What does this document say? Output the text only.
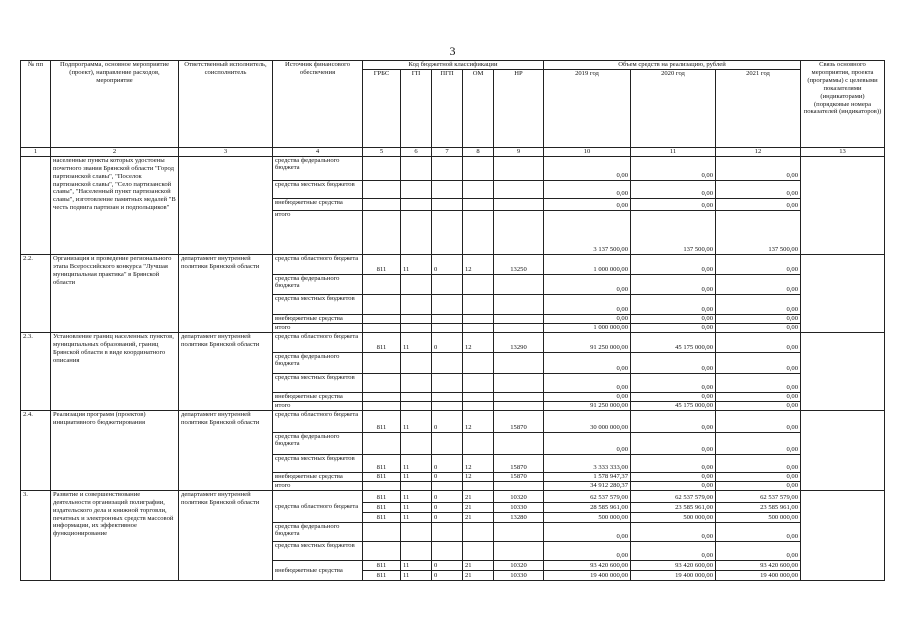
3
№ пп	Подпрограмма, основное мероприятие (проект), направление расходов, мероприятие	Ответственный исполнитель, соисполнитель	Источник финансового обеспечения	Код бюджетной классификации					Объем средств на реализацию, рублей			Связь основного мероприятия, проекта (программы) с целевыми показателями (индикаторами) (порядковые номера показателей (индикаторов))
				ГРБС	ГП	ПГП	ОМ	НР	2019 год	2020 год	2021 год	
1	2	3	4	5	6	7	8	9	10	11	12	13
	населенные пункты которых удостоены почетного звания Брянской области "Город партизанской славы", "Поселок партизанской славы", "Село партизанской славы", "Населенный пункт партизанской славы", изготовление памятных медалей "В честь подвига партизан и подпольщиков"		средства федерального бюджета						0,00	0,00	0,00	
			средства местных бюджетов						0,00	0,00	0,00	
			внебюджетные средства						0,00	0,00	0,00	
			итого						3 137 500,00	137 500,00	137 500,00	
2.2.	Организация и проведение регионального этапа Всероссийского конкурса "Лучшая муниципальная практика" в Брянской области	департамент внутренней политики Брянской области	средства областного бюджета	811	11	0	12	13250	1 000 000,00	0,00	0,00	
			средства федерального бюджета						0,00	0,00	0,00	
			средства местных бюджетов						0,00	0,00	0,00	
			внебюджетные средства						0,00	0,00	0,00	
			итого						1 000 000,00	0,00	0,00	
2.3.	Установление границ населенных пунктов, муниципальных образований, границ Брянской области в виде координатного описания	департамент внутренней политики Брянской области	средства областного бюджета	811	11	0	12	13290	91 250 000,00	45 175 000,00	0,00	
			средства федерального бюджета						0,00	0,00	0,00	
			средства местных бюджетов						0,00	0,00	0,00	
			внебюджетные средства						0,00	0,00	0,00	
			итого						91 250 000,00	45 175 000,00	0,00	
2.4.	Реализация программ (проектов) инициативного бюджетирования	департамент внутренней политики Брянской области	средства областного бюджета	811	11	0	12	15870	30 000 000,00	0,00	0,00	
			средства федерального бюджета						0,00	0,00	0,00	
			средства местных бюджетов	811	11	0	12	15870	3 333 333,00	0,00	0,00	
			внебюджетные средства	811	11	0	12	15870	1 578 947,37	0,00	0,00	
			итого						34 912 280,37	0,00	0,00	
3.	Развитие и совершенствование деятельности организаций полиграфии, издательского дела и книжной торговли, печатных и электронных средств массовой информации, их эффективное функционирование	департамент внутренней политики Брянской области	средства областного бюджета	811	11	0	21	10320	62 537 579,00	62 537 579,00	62 537 579,00	
				811	11	0	21	10330	28 585 961,00	23 585 961,00	23 585 961,00	
				811	11	0	21	13280	500 000,00	500 000,00	500 000,00	
			средства федерального бюджета						0,00	0,00	0,00	
			средства местных бюджетов						0,00	0,00	0,00	
			внебюджетные средства	811	11	0	21	10320	93 420 600,00	93 420 600,00	93 420 600,00	
				811	11	0	21	10330	19 400 000,00	19 400 000,00	19 400 000,00	
